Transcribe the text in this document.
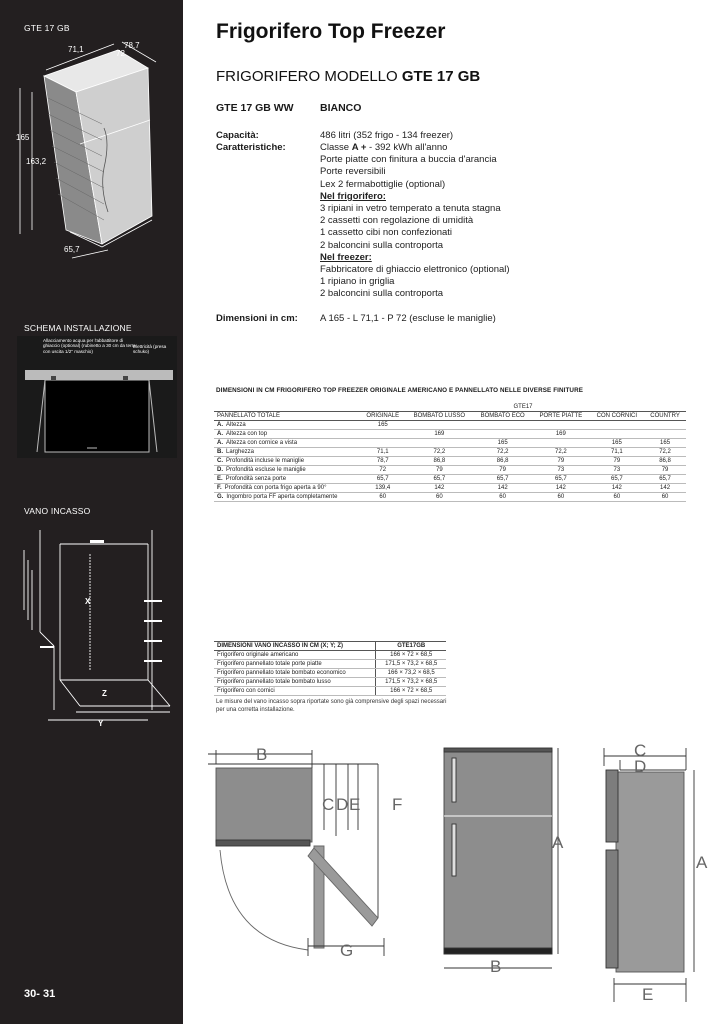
GTE 17 GB
71,1	78,7
72
165
163,2
65,7
SCHEMA INSTALLAZIONE
Allacciamento acqua per l'abbattitore di ghiaccio (optional) (rubinetto a 30 cm da terra con uscita 1/2" maschio)
Elettricità (presa schuko)
VANO INCASSO
X
Z
Y
30- 31
Frigorifero Top Freezer
FRIGORIFERO MODELLO GTE 17 GB
GTE 17 GB WW	BIANCO
Capacità:	486 litri (352 frigo - 134 freezer)
Caratteristiche:	Classe A + - 392 kWh all'anno
Porte piatte con finitura a buccia d'arancia
Porte reversibili
Lex 2 fermabottiglie (optional)
Nel frigorifero:
3 ripiani in vetro temperato a tenuta stagna
2 cassetti con regolazione di umidità
1 cassetto cibi non confezionati
2 balconcini sulla controporta
Nel freezer:
Fabbricatore di ghiaccio elettronico (optional)
1 ripiano in griglia
2 balconcini sulla controporta
Dimensioni in cm: A 165 - L 71,1 - P 72 (escluse le maniglie)
DIMENSIONI IN CM FRIGORIFERO TOP FREEZER ORIGINALE AMERICANO E PANNELLATO NELLE DIVERSE FINITURE
	GTE17					
PANNELLATO TOTALE	ORIGINALE	BOMBATO LUSSO	BOMBATO ECO	PORTE PIATTE	CON CORNICI	COUNTRY
A. Altezza	165					
A. Altezza con top		169		169		
A. Altezza con cornice a vista			165		165	165
B. Larghezza	71,1	72,2	72,2	72,2	71,1	72,2
C. Profondità incluse le maniglie	78,7	86,8	86,8	79	79	86,8
D. Profondità escluse le maniglie	72	79	79	73	73	79
E. Profondità senza porte	65,7	65,7	65,7	65,7	65,7	65,7
F. Profondità con porta frigo aperta a 90°	139,4	142	142	142	142	142
G. Ingombro porta FF aperta completamente	60	60	60	60	60	60
DIMENSIONI VANO INCASSO IN CM (X; Y; Z)	GTE17GB
Frigorifero originale americano	166 × 72 × 68,5
Frigorifero pannellato totale porte piatte	171,5 × 73,2 × 68,5
Frigorifero pannellato totale bombato economico	166 × 73,2 × 68,5
Frigorifero pannellato totale bombato lusso	171,5 × 73,2 × 68,5
Frigorifero con cornici	166 × 72 × 68,5
Le misure del vano incasso sopra riportate sono già comprensive degli spazi necessari per una corretta installazione.
B
C D E F
G
A
B
C
D
A
E
